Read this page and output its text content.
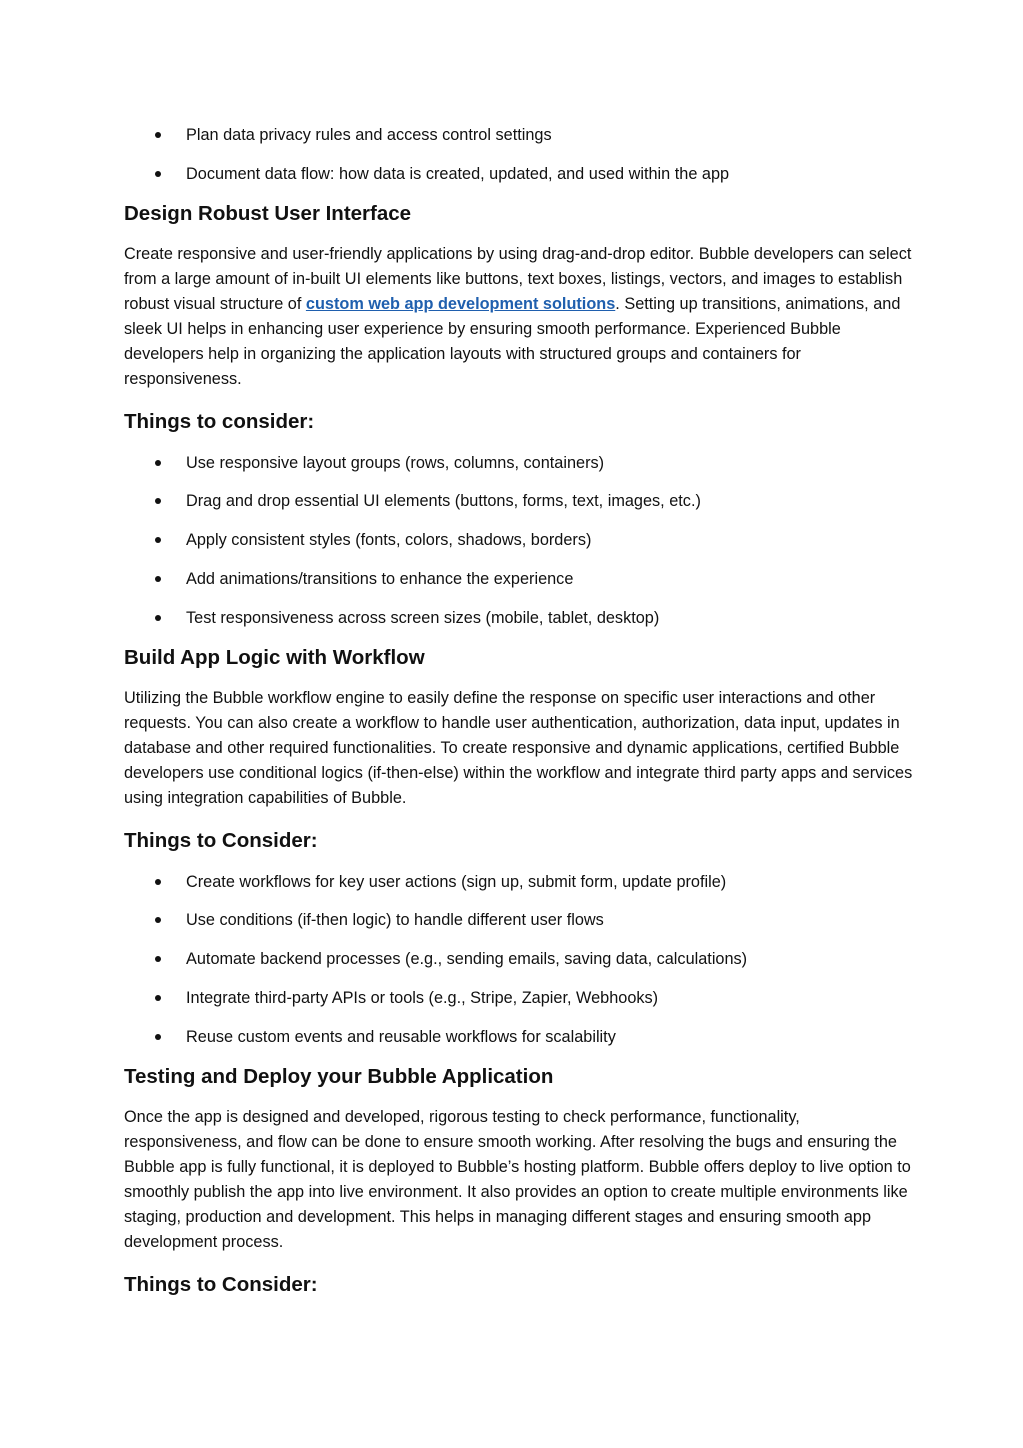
Plan data privacy rules and access control settings
Document data flow: how data is created, updated, and used within the app
Design Robust User Interface

Create responsive and user-friendly applications by using drag-and-drop editor. Bubble developers can select from a large amount of in-built UI elements like buttons, text boxes, listings, vectors, and images to establish robust visual structure of custom web app development solutions. Setting up transitions, animations, and sleek UI helps in enhancing user experience by ensuring smooth performance. Experienced Bubble developers help in organizing the application layouts with structured groups and containers for responsiveness.

Things to consider:
Use responsive layout groups (rows, columns, containers)
Drag and drop essential UI elements (buttons, forms, text, images, etc.)
Apply consistent styles (fonts, colors, shadows, borders)
Add animations/transitions to enhance the experience
Test responsiveness across screen sizes (mobile, tablet, desktop)
Build App Logic with Workflow

Utilizing the Bubble workflow engine to easily define the response on specific user interactions and other requests. You can also create a workflow to handle user authentication, authorization, data input, updates in database and other required functionalities. To create responsive and dynamic applications, certified Bubble developers use conditional logics (if-then-else) within the workflow and integrate third party apps and services using integration capabilities of Bubble.

Things to Consider:
Create workflows for key user actions (sign up, submit form, update profile)
Use conditions (if-then logic) to handle different user flows
Automate backend processes (e.g., sending emails, saving data, calculations)
Integrate third-party APIs or tools (e.g., Stripe, Zapier, Webhooks)
Reuse custom events and reusable workflows for scalability
Testing and Deploy your Bubble Application

Once the app is designed and developed, rigorous testing to check performance, functionality, responsiveness, and flow can be done to ensure smooth working. After resolving the bugs and ensuring the Bubble app is fully functional, it is deployed to Bubble’s hosting platform. Bubble offers deploy to live option to smoothly publish the app into live environment. It also provides an option to create multiple environments like staging, production and development. This helps in managing different stages and ensuring smooth app development process.

Things to Consider:
